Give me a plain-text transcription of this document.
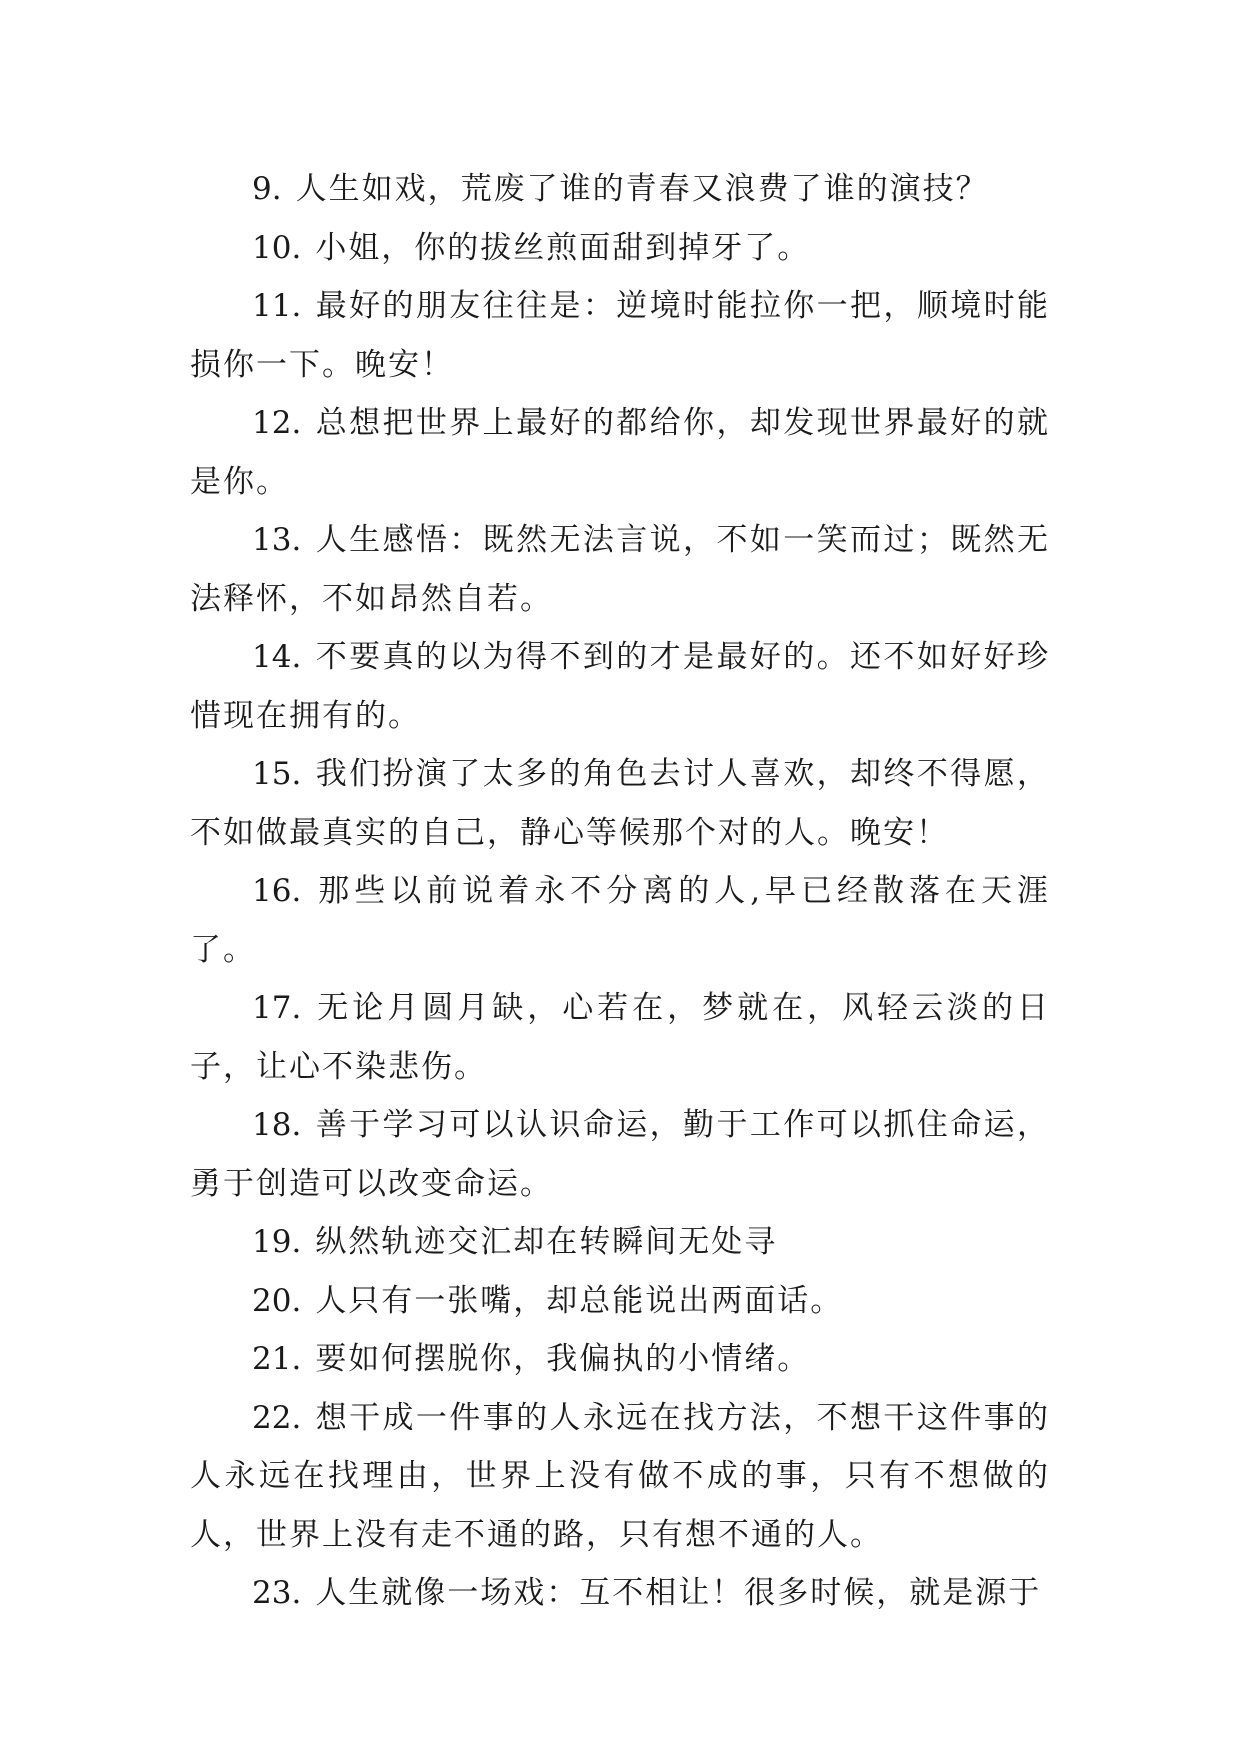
9. 人生如戏，荒废了谁的青春又浪费了谁的演技？

10. 小姐，你的拔丝煎面甜到掉牙了。

11. 最好的朋友往往是：逆境时能拉你一把，顺境时能损你一下。晚安！

12. 总想把世界上最好的都给你，却发现世界最好的就是你。

13. 人生感悟：既然无法言说，不如一笑而过；既然无法释怀，不如昂然自若。

14. 不要真的以为得不到的才是最好的。还不如好好珍惜现在拥有的。

15. 我们扮演了太多的角色去讨人喜欢，却终不得愿，不如做最真实的自己，静心等候那个对的人。晚安！

16. 那些以前说着永不分离的人,早已经散落在天涯了。

17. 无论月圆月缺，心若在，梦就在，风轻云淡的日子，让心不染悲伤。

18. 善于学习可以认识命运，勤于工作可以抓住命运，勇于创造可以改变命运。

19. 纵然轨迹交汇却在转瞬间无处寻

20. 人只有一张嘴，却总能说出两面话。

21. 要如何摆脱你，我偏执的小情绪。

22. 想干成一件事的人永远在找方法，不想干这件事的人永远在找理由，世界上没有做不成的事，只有不想做的人，世界上没有走不通的路，只有想不通的人。

23. 人生就像一场戏：互不相让！很多时候，就是源于
